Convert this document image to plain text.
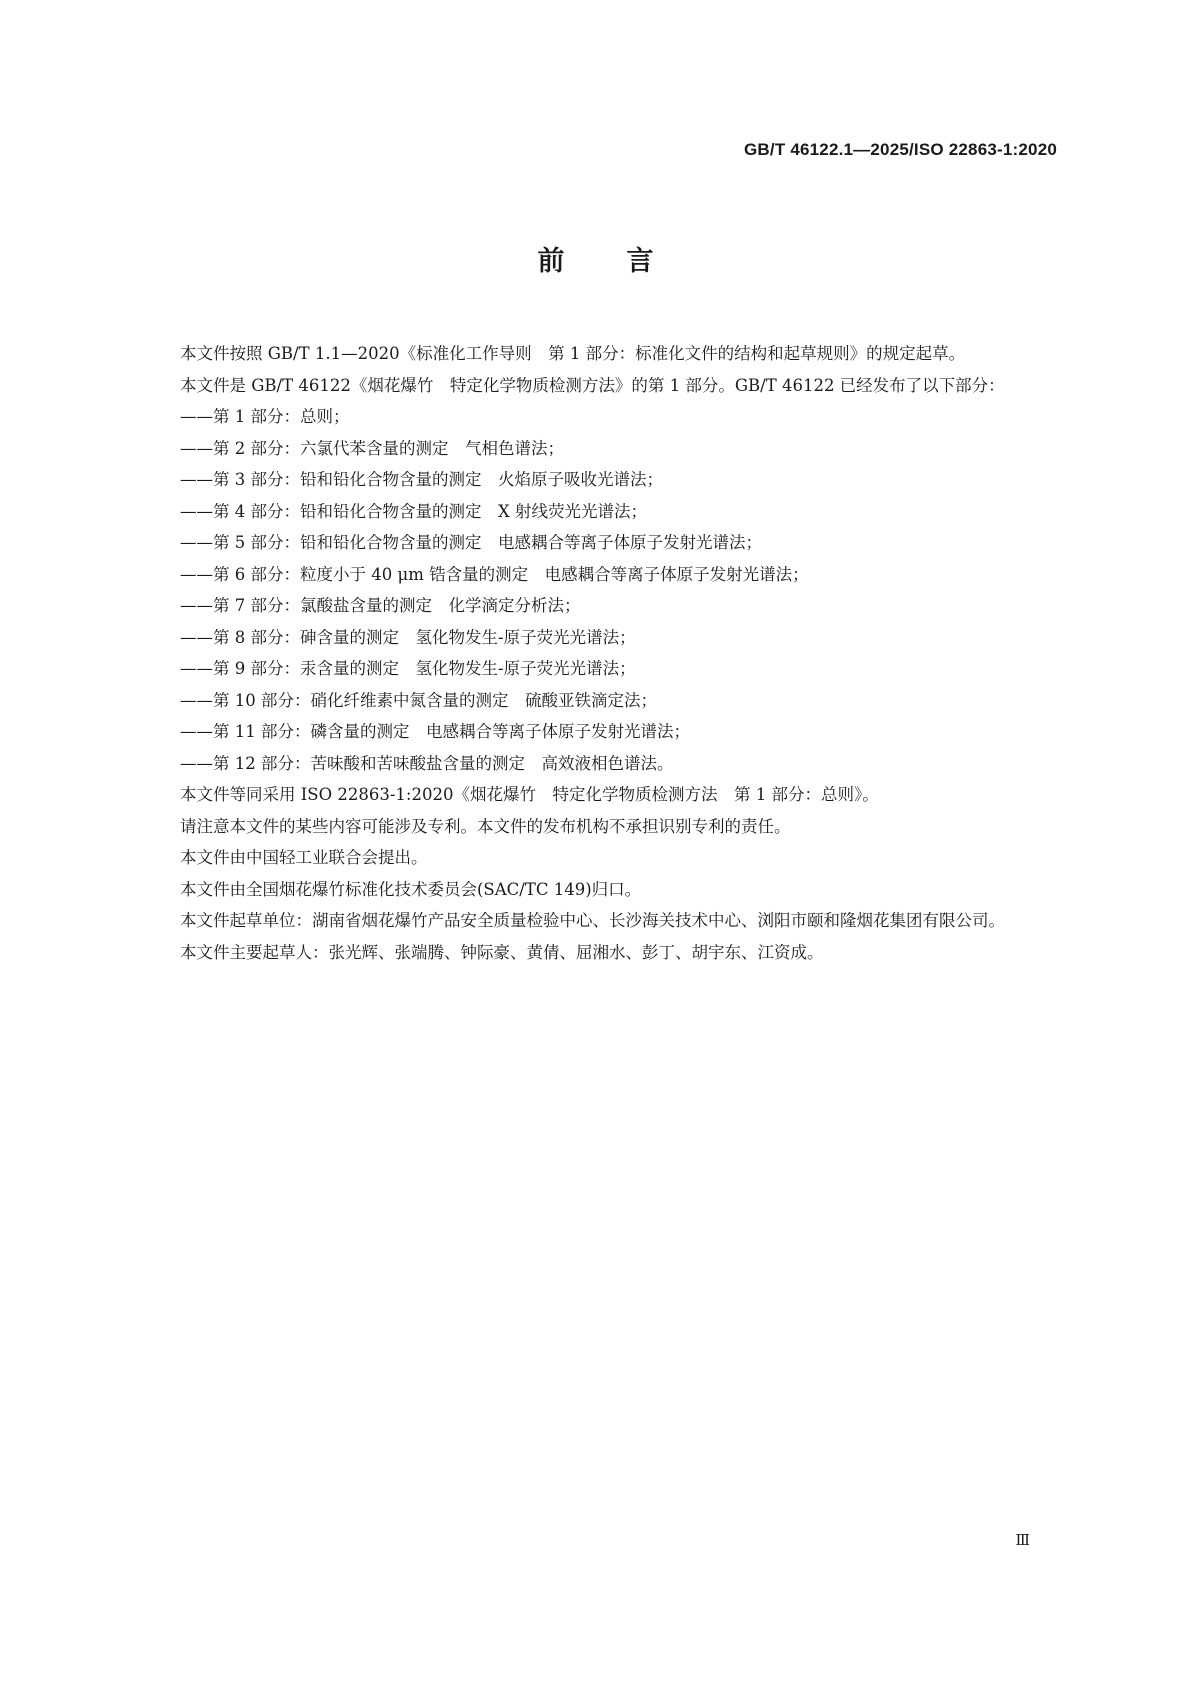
GB/T 46122.1—2025/ISO 22863-1:2020
前言

本文件按照 GB/T 1.1—2020《标准化工作导则　第 1 部分：标准化文件的结构和起草规则》的规定起草。

本文件是 GB/T 46122《烟花爆竹　特定化学物质检测方法》的第 1 部分。GB/T 46122 已经发布了以下部分：

——第 1 部分：总则；

——第 2 部分：六氯代苯含量的测定　气相色谱法；

——第 3 部分：铅和铅化合物含量的测定　火焰原子吸收光谱法；

——第 4 部分：铅和铅化合物含量的测定　X 射线荧光光谱法；

——第 5 部分：铅和铅化合物含量的测定　电感耦合等离子体原子发射光谱法；

——第 6 部分：粒度小于 40 μm 锆含量的测定　电感耦合等离子体原子发射光谱法；

——第 7 部分：氯酸盐含量的测定　化学滴定分析法；

——第 8 部分：砷含量的测定　氢化物发生-原子荧光光谱法；

——第 9 部分：汞含量的测定　氢化物发生-原子荧光光谱法；

——第 10 部分：硝化纤维素中氮含量的测定　硫酸亚铁滴定法；

——第 11 部分：磷含量的测定　电感耦合等离子体原子发射光谱法；

——第 12 部分：苦味酸和苦味酸盐含量的测定　高效液相色谱法。

本文件等同采用 ISO 22863-1:2020《烟花爆竹　特定化学物质检测方法　第 1 部分：总则》。

请注意本文件的某些内容可能涉及专利。本文件的发布机构不承担识别专利的责任。

本文件由中国轻工业联合会提出。

本文件由全国烟花爆竹标准化技术委员会(SAC/TC 149)归口。

本文件起草单位：湖南省烟花爆竹产品安全质量检验中心、长沙海关技术中心、浏阳市颐和隆烟花集团有限公司。

本文件主要起草人：张光辉、张端腾、钟际豪、黄倩、屈湘水、彭丁、胡宇东、江资成。

Ⅲ
